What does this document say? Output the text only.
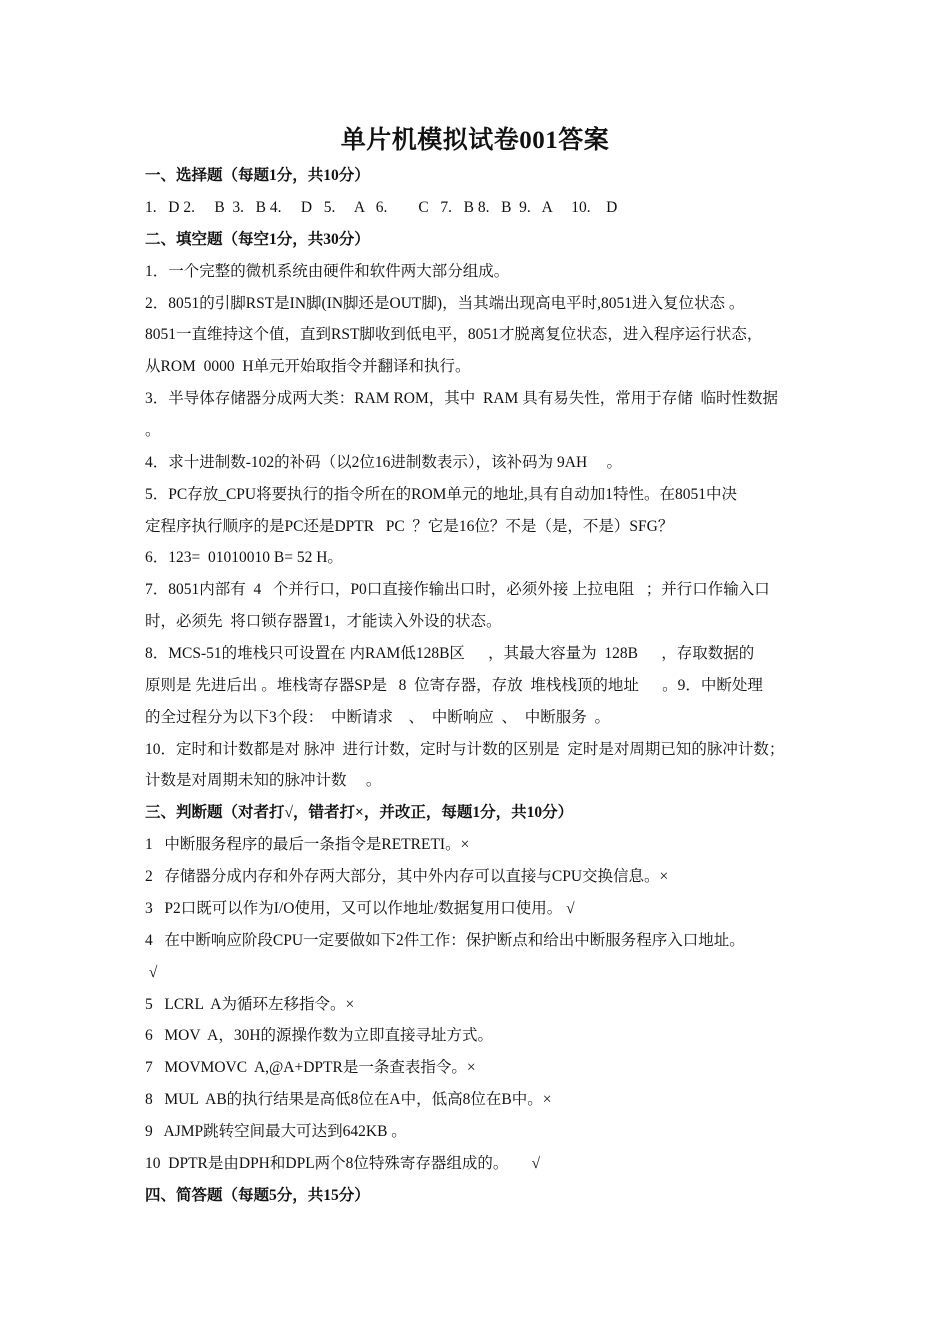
单片机模拟试卷001答案
一、选择题（每题1分，共10分）
1.   D 2.     B  3.   B 4.     D   5.     A   6.        C   7.   B 8.   B  9.   A     10.    D
二、填空题（每空1分，共30分）
1．一个完整的微机系统由硬件和软件两大部分组成。
2．8051的引脚RST是IN脚(IN脚还是OUT脚)，当其端出现高电平时,8051进入复位状态 。
8051一直维持这个值，直到RST脚收到低电平，8051才脱离复位状态，进入程序运行状态，
从ROM  0000  H单元开始取指令并翻译和执行。
3．半导体存储器分成两大类：RAM ROM，其中  RAM 具有易失性，常用于存储  临时性数据
。
4．求十进制数-102的补码（以2位16进制数表示），该补码为 9AH     。
5．PC存放_CPU将要执行的指令所在的ROM单元的地址,具有自动加1特性。在8051中决
定程序执行顺序的是PC还是DPTR   PC  ？它是16位？不是（是，不是）SFG？
6．123=  01010010 B= 52 H。
7．8051内部有  4   个并行口，P0口直接作输出口时，必须外接 上拉电阻   ；并行口作输入口
时，必须先  将口锁存器置1，才能读入外设的状态。
8．MCS-51的堆栈只可设置在 内RAM低128B区      ，其最大容量为  128B      ，存取数据的
原则是 先进后出 。堆栈寄存器SP是   8  位寄存器，存放  堆栈栈顶的地址      。9．中断处理
的全过程分为以下3个段：  中断请求    、  中断响应  、  中断服务  。
10．定时和计数都是对 脉冲  进行计数，定时与计数的区别是  定时是对周期已知的脉冲计数；
计数是对周期未知的脉冲计数     。
三、判断题（对者打√，错者打×，并改正，每题1分，共10分）
1   中断服务程序的最后一条指令是RETRETI。×
2   存储器分成内存和外存两大部分，其中外内存可以直接与CPU交换信息。×
3   P2口既可以作为I/O使用，又可以作地址/数据复用口使用。 √
4   在中断响应阶段CPU一定要做如下2件工作：保护断点和给出中断服务程序入口地址。
√
5   LCRL  A为循环左移指令。×
6   MOV  A，30H的源操作数为立即直接寻址方式。
7   MOVMOVC  A,@A+DPTR是一条查表指令。×
8   MUL  AB的执行结果是高低8位在A中，低高8位在B中。×
9   AJMP跳转空间最大可达到642KB 。
10  DPTR是由DPH和DPL两个8位特殊寄存器组成的。      √
四、简答题（每题5分，共15分）
